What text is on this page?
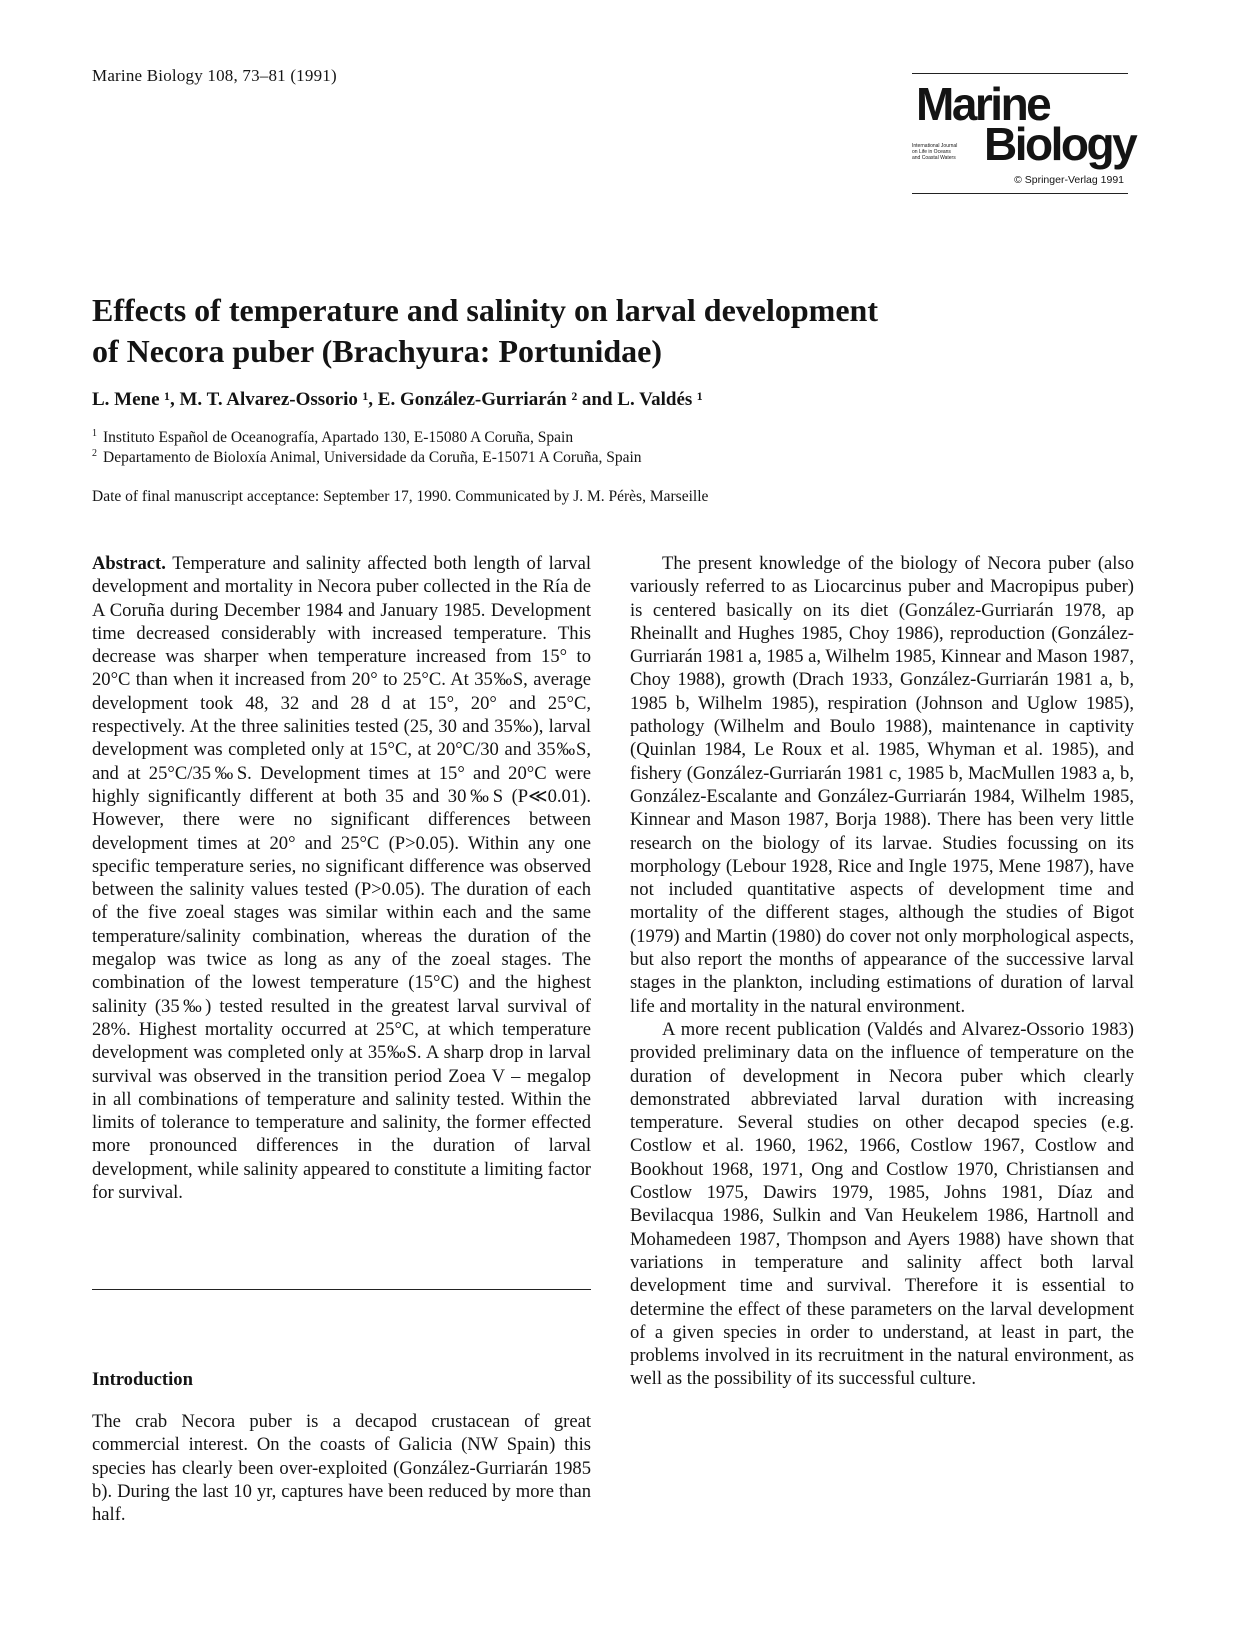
Marine Biology 108, 73–81 (1991)
Marine
International Journal
on Life in Oceans
and Coastal Waters Biology
© Springer-Verlag 1991
Effects of temperature and salinity on larval development
of Necora puber (Brachyura: Portunidae)
L. Mene ¹, M. T. Alvarez-Ossorio ¹, E. González-Gurriarán ² and L. Valdés ¹
$^1$ Instituto Español de Oceanografía, Apartado 130, E-15080 A Coruña, Spain
$^2$ Departamento de Bioloxía Animal, Universidade da Coruña, E-15071 A Coruña, Spain
Date of final manuscript acceptance: September 17, 1990. Communicated by J. M. Pérès, Marseille

Abstract. Temperature and salinity affected both length of larval development and mortality in Necora puber collected in the Ría de A Coruña during December 1984 and January 1985. Development time decreased considerably with increased temperature. This decrease was sharper when temperature increased from 15° to 20°C than when it increased from 20° to 25°C. At 35‰S, average development took 48, 32 and 28 d at 15°, 20° and 25°C, respectively. At the three salinities tested (25, 30 and 35‰), larval development was completed only at 15°C, at 20°C/30 and 35‰S, and at 25°C/35‰S. Development times at 15° and 20°C were highly significantly different at both 35 and 30‰S (P≪0.01). However, there were no significant differences between development times at 20° and 25°C (P>0.05). Within any one specific temperature series, no significant difference was observed between the salinity values tested (P>0.05). The duration of each of the five zoeal stages was similar within each and the same temperature/salinity combination, whereas the duration of the megalop was twice as long as any of the zoeal stages. The combination of the lowest temperature (15°C) and the highest salinity (35‰) tested resulted in the greatest larval survival of 28%. Highest mortality occurred at 25°C, at which temperature development was completed only at 35‰S. A sharp drop in larval survival was observed in the transition period Zoea V – megalop in all combinations of temperature and salinity tested. Within the limits of tolerance to temperature and salinity, the former effected more pronounced differences in the duration of larval development, while salinity appeared to constitute a limiting factor for survival.

Introduction

The crab Necora puber is a decapod crustacean of great commercial interest. On the coasts of Galicia (NW Spain) this species has clearly been over-exploited (González-Gurriarán 1985 b). During the last 10 yr, captures have been reduced by more than half.

The present knowledge of the biology of Necora puber (also variously referred to as Liocarcinus puber and Macropipus puber) is centered basically on its diet (González-Gurriarán 1978, ap Rheinallt and Hughes 1985, Choy 1986), reproduction (González-Gurriarán 1981 a, 1985 a, Wilhelm 1985, Kinnear and Mason 1987, Choy 1988), growth (Drach 1933, González-Gurriarán 1981 a, b, 1985 b, Wilhelm 1985), respiration (Johnson and Uglow 1985), pathology (Wilhelm and Boulo 1988), maintenance in captivity (Quinlan 1984, Le Roux et al. 1985, Whyman et al. 1985), and fishery (González-Gurriarán 1981 c, 1985 b, MacMullen 1983 a, b, González-Escalante and González-Gurriarán 1984, Wilhelm 1985, Kinnear and Mason 1987, Borja 1988). There has been very little research on the biology of its larvae. Studies focussing on its morphology (Lebour 1928, Rice and Ingle 1975, Mene 1987), have not included quantitative aspects of development time and mortality of the different stages, although the studies of Bigot (1979) and Martin (1980) do cover not only morphological aspects, but also report the months of appearance of the successive larval stages in the plankton, including estimations of duration of larval life and mortality in the natural environment.

A more recent publication (Valdés and Alvarez-Ossorio 1983) provided preliminary data on the influence of temperature on the duration of development in Necora puber which clearly demonstrated abbreviated larval duration with increasing temperature. Several studies on other decapod species (e.g. Costlow et al. 1960, 1962, 1966, Costlow 1967, Costlow and Bookhout 1968, 1971, Ong and Costlow 1970, Christiansen and Costlow 1975, Dawirs 1979, 1985, Johns 1981, Díaz and Bevilacqua 1986, Sulkin and Van Heukelem 1986, Hartnoll and Mohamedeen 1987, Thompson and Ayers 1988) have shown that variations in temperature and salinity affect both larval development time and survival. Therefore it is essential to determine the effect of these parameters on the larval development of a given species in order to understand, at least in part, the problems involved in its recruitment in the natural environment, as well as the possibility of its successful culture.
